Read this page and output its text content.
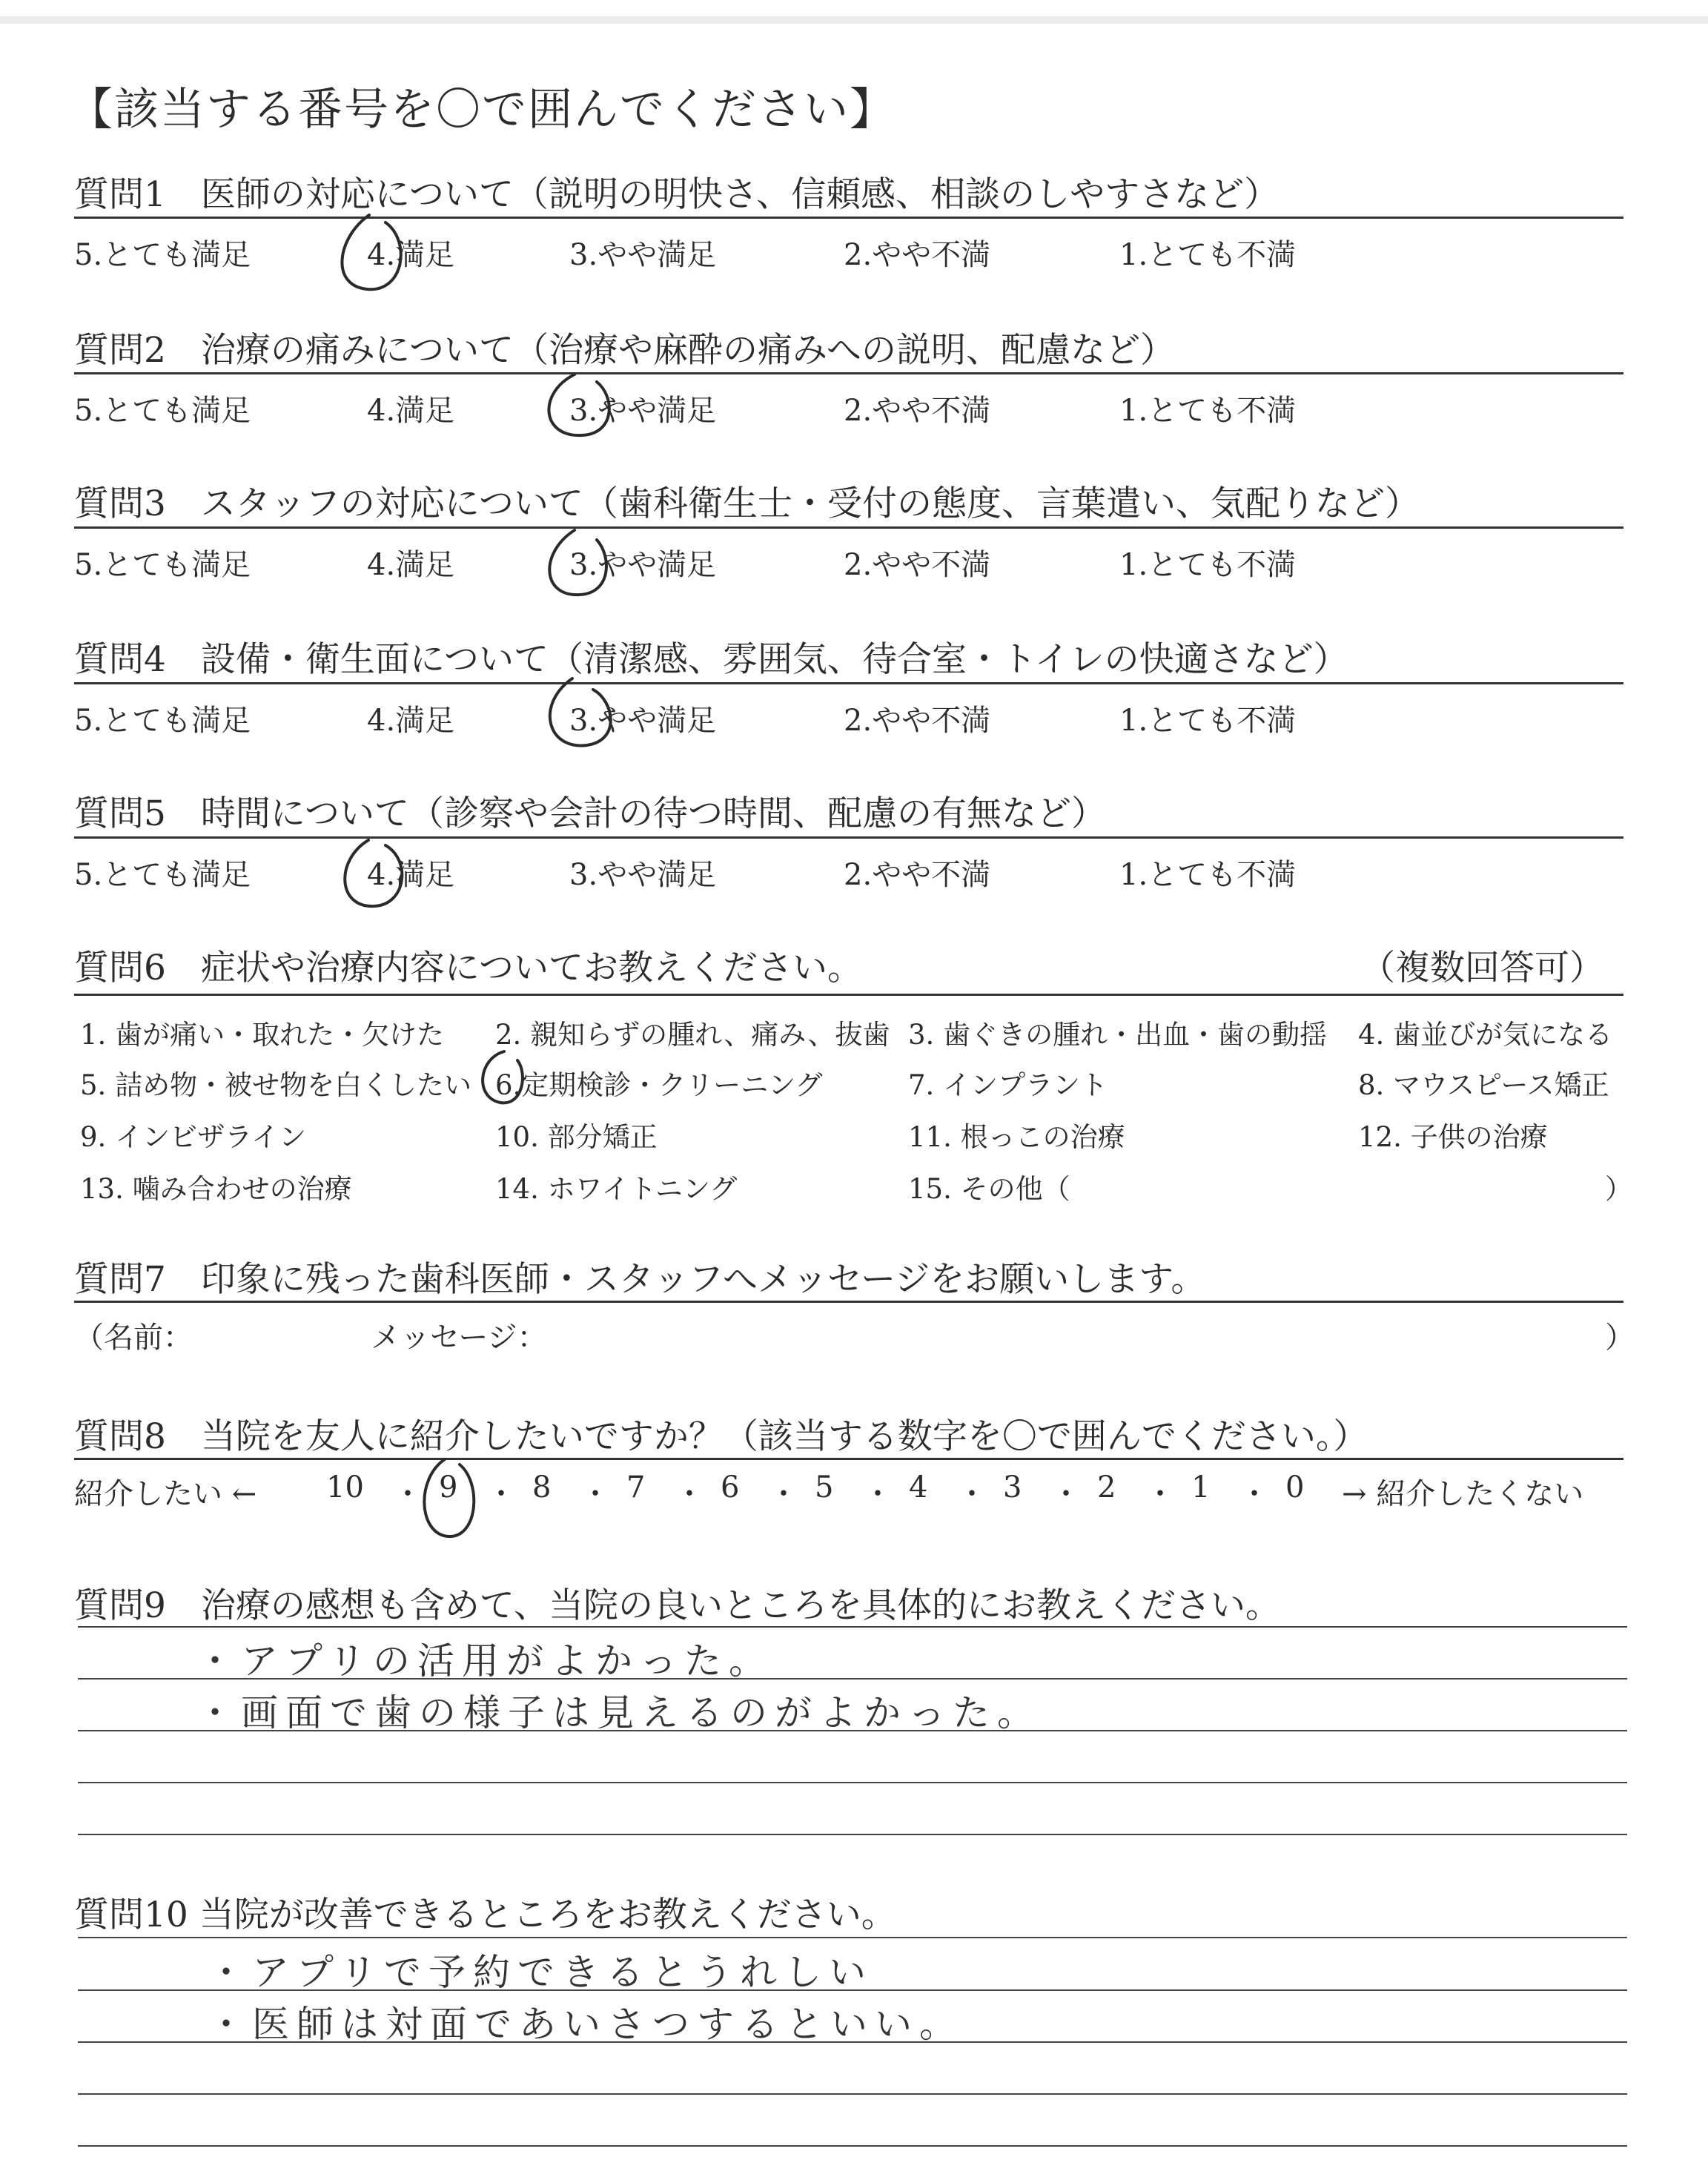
【該当する番号を〇で囲んでください】
質問1　医師の対応について（説明の明快さ、信頼感、相談のしやすさなど）
5.とても満足	4.満足	3.やや満足	2.やや不満	1.とても不満
質問2　治療の痛みについて（治療や麻酔の痛みへの説明、配慮など）
5.とても満足	4.満足	3.やや満足	2.やや不満	1.とても不満
質問3　スタッフの対応について（歯科衛生士・受付の態度、言葉遣い、気配りなど）
5.とても満足	4.満足	3.やや満足	2.やや不満	1.とても不満
質問4　設備・衛生面について（清潔感、雰囲気、待合室・トイレの快適さなど）
5.とても満足	4.満足	3.やや満足	2.やや不満	1.とても不満
質問5　時間について（診察や会計の待つ時間、配慮の有無など）
5.とても満足	4.満足	3.やや満足	2.やや不満	1.とても不満
質問6　症状や治療内容についてお教えください。	（複数回答可）
1. 歯が痛い・取れた・欠けた 2. 親知らずの腫れ、痛み、抜歯 3. 歯ぐきの腫れ・出血・歯の動揺 4. 歯並びが気になる
5. 詰め物・被せ物を白くしたい 6.定期検診・クリーニング	7. インプラント	8. マウスピース矯正
9. インビザライン	10. 部分矯正	11. 根っこの治療	12. 子供の治療
13. 噛み合わせの治療	14. ホワイトニング	15. その他（	）
質問7　印象に残った歯科医師・スタッフへメッセージをお願いします。
（名前：	メッセージ：	）
質問8　当院を友人に紹介したいですか？（該当する数字を〇で囲んでください。）
紹介したい ←	→ 紹介したくない
10	9	8	7	6	5	4	3	2	1	0
・ ・ ・ ・ ・ ・ ・ ・ ・ ・
質問9　治療の感想も含めて、当院の良いところを具体的にお教えください。
・アプリの活用がよかった。
・画面で歯の様子は見えるのがよかった。
質問10 当院が改善できるところをお教えください。
・アプリで予約できるとうれしい
・医師は対面であいさつするといい。
